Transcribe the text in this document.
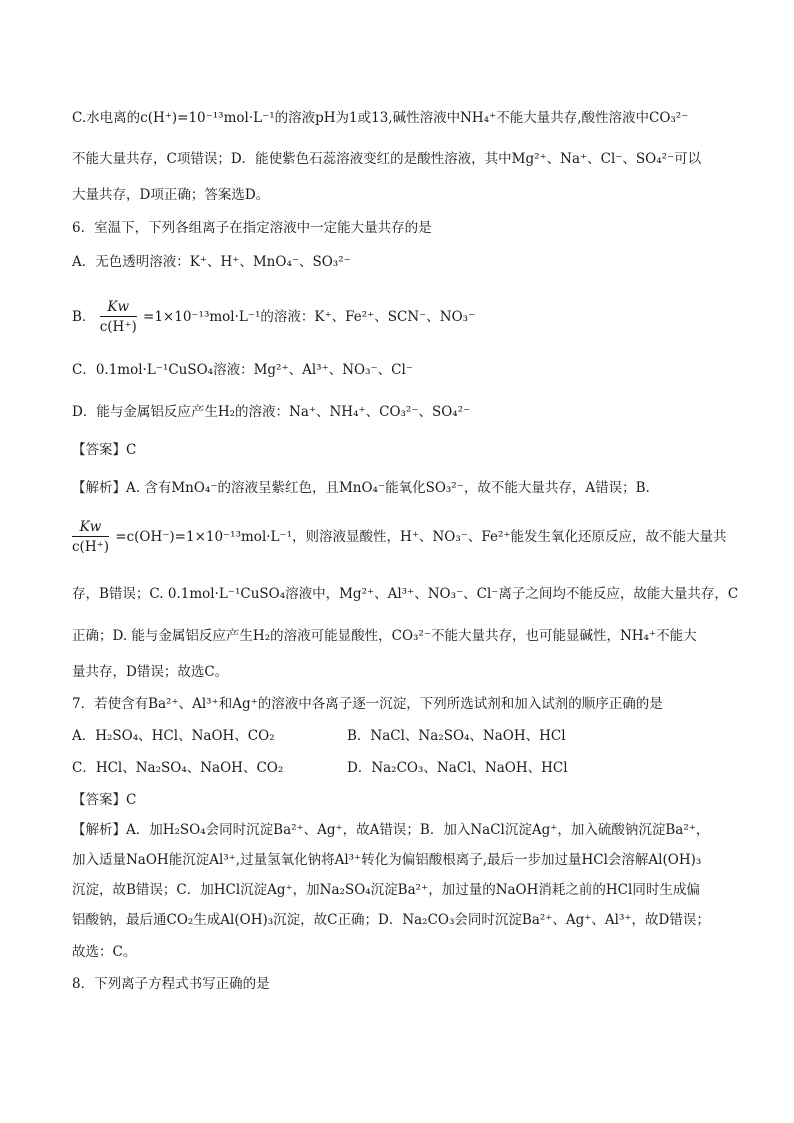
C.水电离的c(H⁺)=10⁻¹³mol·L⁻¹的溶液pH为1或13,碱性溶液中NH₄⁺不能大量共存,酸性溶液中CO₃²⁻
不能大量共存，C项错误；D．能使紫色石蕊溶液变红的是酸性溶液，其中Mg²⁺、Na⁺、Cl⁻、SO₄²⁻可以
大量共存，D项正确；答案选D。
6．室温下，下列各组离子在指定溶液中一定能大量共存的是
A．无色透明溶液：K⁺、H⁺、MnO₄⁻、SO₃²⁻
B． $\frac{Kw}{c(H^+)} =1\times 10^{-13}mol\cdot L^{-1}$的溶液：K⁺、Fe²⁺、SCN⁻、NO₃⁻
C．0.1mol·L⁻¹CuSO₄溶液：Mg²⁺、Al³⁺、NO₃⁻、Cl⁻
D．能与金属铝反应产生H₂的溶液：Na⁺、NH₄⁺、CO₃²⁻、SO₄²⁻
【答案】C
【解析】A. 含有MnO₄⁻的溶液呈紫红色，且MnO₄⁻能氧化SO₃²⁻，故不能大量共存，A错误；B.
$\frac{Kw}{c(H^+)} =c(OH^-)=1\times 10^{-13}mol\cdot L^{-1}$，则溶液显酸性，H⁺、NO₃⁻、Fe²⁺能发生氧化还原反应，故不能大量共
存，B错误；C. 0.1mol·L⁻¹CuSO₄溶液中，Mg²⁺、Al³⁺、NO₃⁻、Cl⁻离子之间均不能反应，故能大量共存，C
正确；D. 能与金属铝反应产生H₂的溶液可能显酸性，CO₃²⁻不能大量共存，也可能显碱性，NH₄⁺不能大
量共存，D错误；故选C。
7．若使含有Ba²⁺、Al³⁺和Ag⁺的溶液中各离子逐一沉淀，下列所选试剂和加入试剂的顺序正确的是
A．H₂SO₄、HCl、NaOH、CO₂	B．NaCl、Na₂SO₄、NaOH、HCl
C．HCl、Na₂SO₄、NaOH、CO₂	D．Na₂CO₃、NaCl、NaOH、HCl
【答案】C
【解析】A．加H₂SO₄会同时沉淀Ba²⁺、Ag⁺，故A错误；B．加入NaCl沉淀Ag⁺，加入硫酸钠沉淀Ba²⁺，
加入适量NaOH能沉淀Al³⁺,过量氢氧化钠将Al³⁺转化为偏铝酸根离子,最后一步加过量HCl会溶解Al(OH)₃
沉淀，故B错误；C．加HCl沉淀Ag⁺，加Na₂SO₄沉淀Ba²⁺，加过量的NaOH消耗之前的HCl同时生成偏
铝酸钠，最后通CO₂生成Al(OH)₃沉淀，故C正确；D．Na₂CO₃会同时沉淀Ba²⁺、Ag⁺、Al³⁺，故D错误；
故选：C。
8．下列离子方程式书写正确的是
